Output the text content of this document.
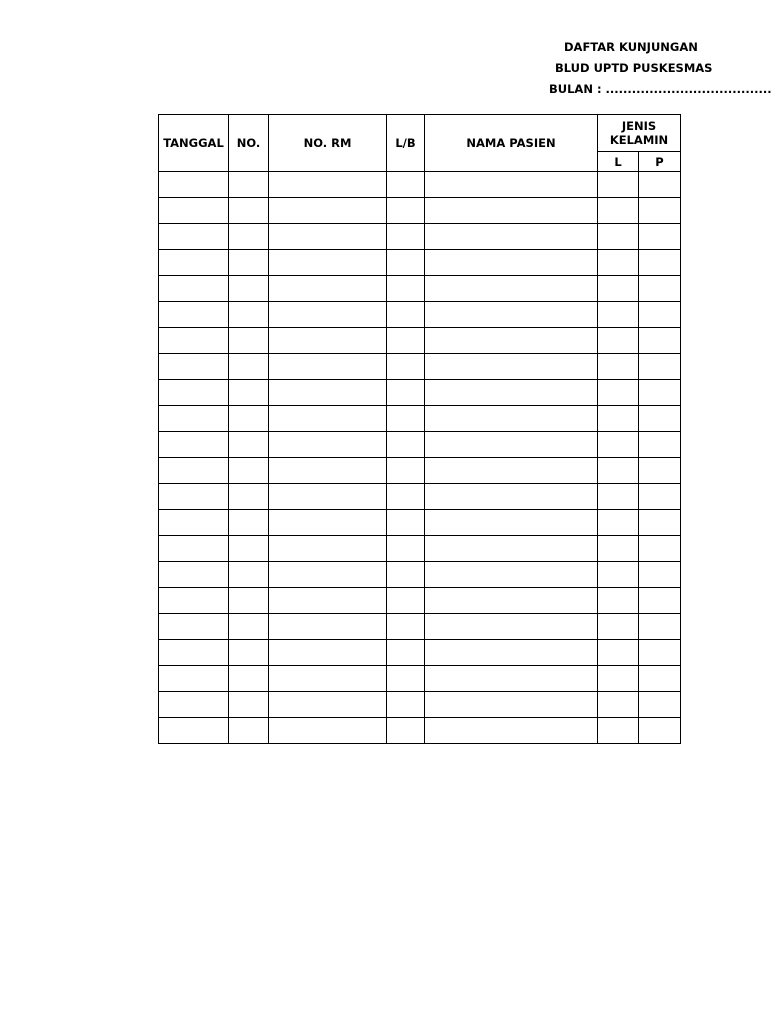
DAFTAR KUNJUNGAN
BLUD UPTD PUSKESMAS
BULAN : ......................................
TANGGAL	NO.	NO. RM	L/B	NAMA PASIEN	JENIS KELAMIN	
					L	P
